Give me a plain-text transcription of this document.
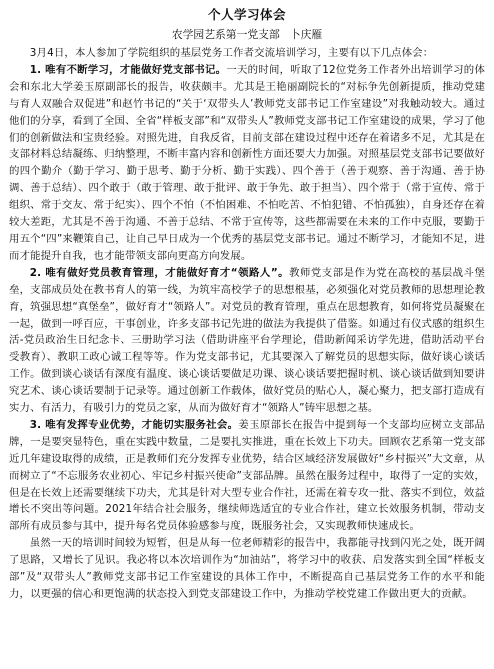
个人学习体会
农学园艺系第一党支部 卜庆雁

3月4日，本人参加了学院组织的基层党务工作者交流培训学习，主要有以下几点体会：

1. 唯有不断学习，才能做好党支部书记。一天的时间，听取了12位党务工作者外出培训学习的体会和东北大学姜玉原副部长的报告，收获颇丰。尤其是王艳丽副院长的“对标争先创新提质，推动党建与育人双融合双促进”和赵竹书记的“关于‘双带头人’教师党支部书记工作室建设”对我触动较大。通过他们的分享，看到了全国、全省“样板支部”和“双带头人”教师党支部书记工作室建设的成果，学习了他们的创新做法和宝贵经验。对照先进，自我反省，目前支部在建设过程中还存在着诸多不足，尤其是在支部材料总结凝练、归纳整理，不断丰富内容和创新性方面还要大力加强。对照基层党支部书记要做好的四个勤介（勤于学习、勤于思考、勤于分析、勤于实践）、四个善于（善于观察、善于沟通、善于协调、善于总结）、四个敢于（敢于管理、敢于批评、敢于争先、敢于担当）、四个常于（常于宣传、常于组织、常于交友、常于纪实）、四个不怕（不怕困难、不怕吃苦、不怕犯错、不怕孤独），自身还存在着较大差距，尤其是不善于沟通、不善于总结、不常于宣传等，这些都需要在未来的工作中克服，要勤于用五个“四”来鞭策自己，让自己早日成为一个优秀的基层党支部书记。通过不断学习，才能知不足，进而才能提升自我，也才能带领支部向更高方向发展。

2. 唯有做好党员教育管理，才能做好育才“领路人”。教师党支部是作为党在高校的基层战斗堡垒，支部成员处在教书育人的第一线，为筑牢高校学子的思想根基，必须强化对党员教师的思想理论教育，筑强思想“真堡垒”，做好育才“领路人”。对党员的教育管理，重点在思想教育，如何将党员凝聚在一起，做到一呼百应，干事创业，许多支部书记先进的做法为我提供了借鉴。如通过有仪式感的组织生活-党员政治生日纪念卡、三册助学习法（借助讲座平台学理论，借助新闻采访学先进，借助活动平台受教育）、教职工政心诚工程等等。作为党支部书记，尤其要深入了解党员的思想实际，做好谈心谈话工作。做到谈心谈话有深度有温度、谈心谈话要做足功课、谈心谈话要把握时机、谈心谈话做到知要讲究艺术、谈心谈话要制于记录等。通过创新工作载体，做好党员的贴心人，凝心聚力，把支部打造成有实力、有活力，有吸引力的党员之家，从而为做好育才“领路人”铸牢思想之基。

3. 唯有发挥专业优势，才能切实服务社会。姜玉原部长在报告中提到每一个支部均应树立支部品牌，一是要突显特色，重在实践中数量，二是要扎实推进，重在长效上下功夫。回顾农艺系第一党支部近几年建设取得的成绩，正是教师们充分发挥专业优势，结合区域经济发展做好“乡村振兴”大文章，从而树立了“不忘服务农业初心、牢记乡村振兴使命”支部品牌。虽然在服务过程中，取得了一定的实效，但是在长效上还需要继续下功夫，尤其是针对大型专业合作社，还需在着专攻一批、落实不到位，效益增长不突出等问题。2021年结合社会服务，继续师选适宜的专业合作社，建立长效服务机制，带动支部所有成员参与其中，提升每名党员体验感参与度，既服务社会，又实现教师快速成长。

虽然一天的培训时间较为短暂，但是从每一位老师精彩的报告中，我都能寻找到闪光之处，既开阔了思路，又增长了见识。我必将以本次培训作为“加油站”，将学习中的收获、启发落实到全国“样板支部”及“双带头人”教师党支部书记工作室建设的具体工作中，不断提高自己基层党务工作的水平和能力，以更强的信心和更饱满的状态投入到党支部建设工作中，为推动学校党建工作做出更大的贡献。
